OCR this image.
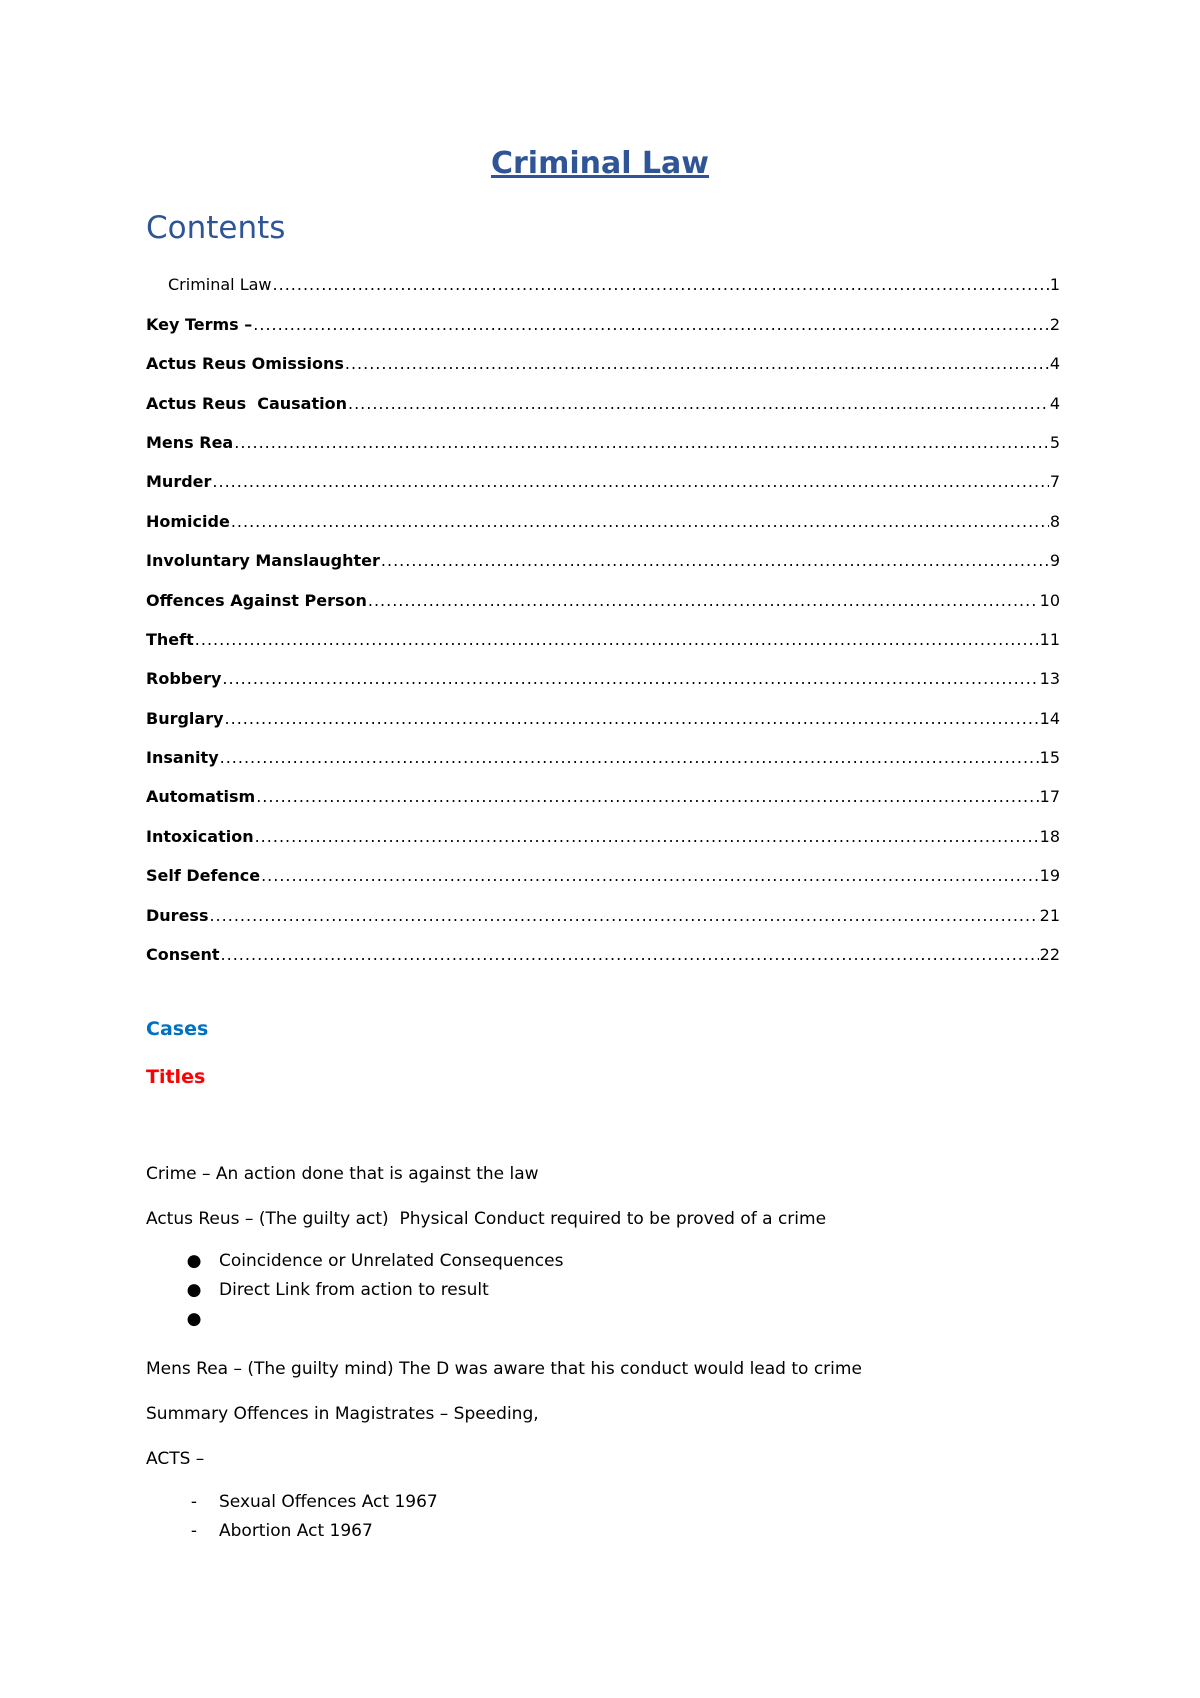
Criminal Law
Contents
Criminal Law .....	1
Key Terms – .....	2
Actus Reus Omissions .....	4
Actus Reus  Causation .....	4
Mens Rea .....	5
Murder .....	7
Homicide .....	8
Involuntary Manslaughter .....	9
Offences Against Person .....	10
Theft .....	11
Robbery .....	13
Burglary .....	14
Insanity .....	15
Automatism .....	17
Intoxication .....	18
Self Defence .....	19
Duress .....	21
Consent .....	22
Cases
Titles
Crime – An action done that is against the law
Actus Reus – (The guilty act)  Physical Conduct required to be proved of a crime
● Coincidence or Unrelated Consequences
● Direct Link from action to result
●
Mens Rea – (The guilty mind) The D was aware that his conduct would lead to crime
Summary Offences in Magistrates – Speeding,
ACTS –
-	Sexual Offences Act 1967
-	Abortion Act 1967
